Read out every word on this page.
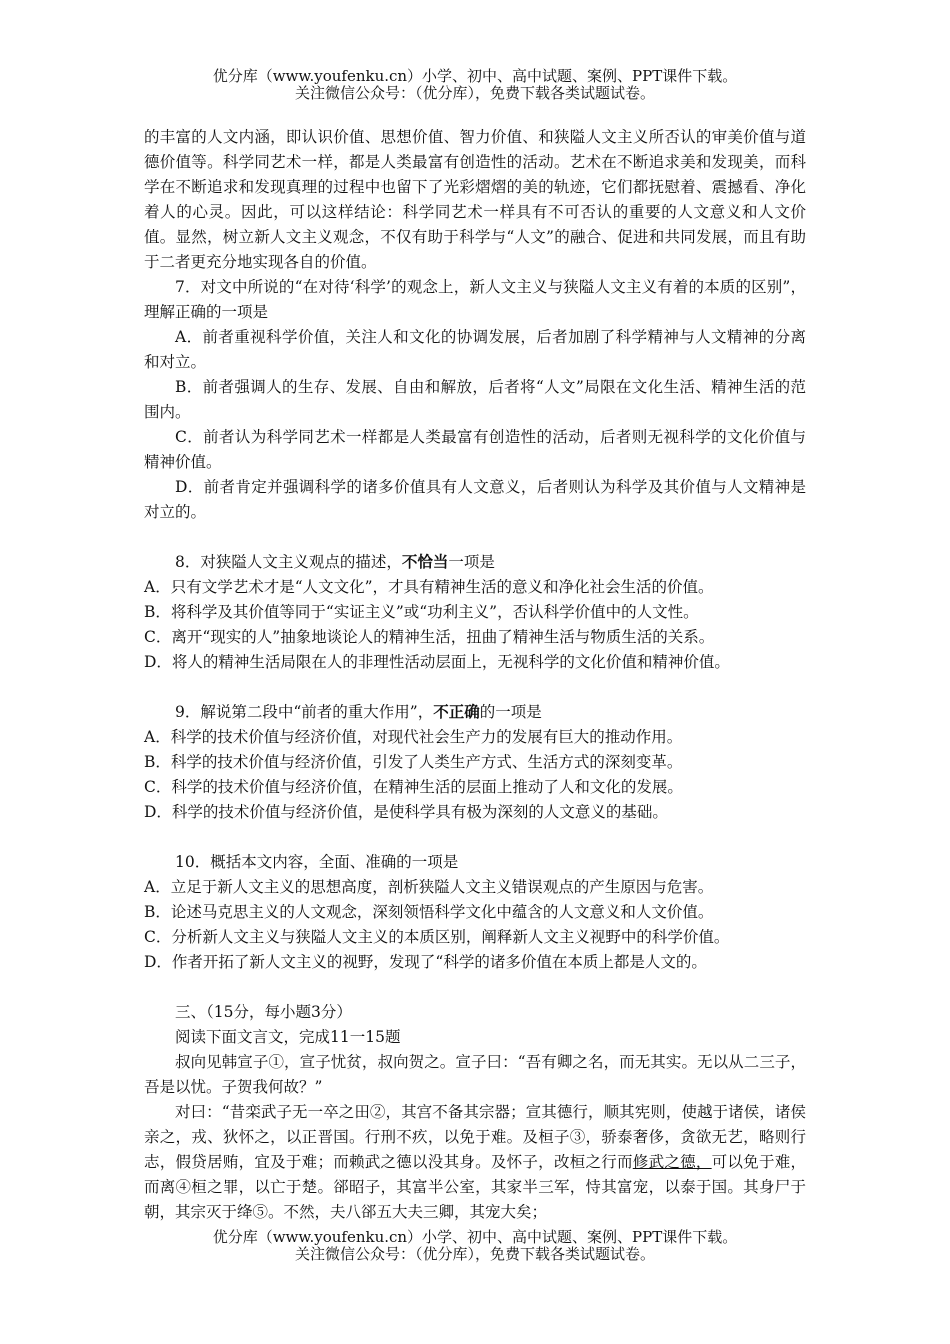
优分库（www.youfenku.cn）小学、初中、高中试题、案例、PPT课件下载。
关注微信公众号：（优分库），免费下载各类试题试卷。

的丰富的人文内涵，即认识价值、思想价值、智力价值、和狭隘人文主义所否认的审美价值与道德价值等。科学同艺术一样，都是人类最富有创造性的活动。艺术在不断追求美和发现美，而科学在不断追求和发现真理的过程中也留下了光彩熠熠的美的轨迹，它们都抚慰着、震撼看、净化着人的心灵。因此，可以这样结论：科学同艺术一样具有不可否认的重要的人文意义和人文价值。显然，树立新人文主义观念，不仅有助于科学与“人文”的融合、促进和共同发展，而且有助于二者更充分地实现各自的价值。

7．对文中所说的“在对待‘科学’的观念上，新人文主义与狭隘人文主义有着的本质的区别”，理解正确的一项是

A．前者重视科学价值，关注人和文化的协调发展，后者加剧了科学精神与人文精神的分离和对立。

B．前者强调人的生存、发展、自由和解放，后者将“人文”局限在文化生活、精神生活的范围内。

C．前者认为科学同艺术一样都是人类最富有创造性的活动，后者则无视科学的文化价值与精神价值。

D．前者肯定并强调科学的诸多价值具有人文意义，后者则认为科学及其价值与人文精神是对立的。

8．对狭隘人文主义观点的描述，不恰当一项是

A．只有文学艺术才是“人文文化”，才具有精神生活的意义和净化社会生活的价值。

B．将科学及其价值等同于“实证主义”或“功利主义”，否认科学价值中的人文性。

C．离开“现实的人”抽象地谈论人的精神生活，扭曲了精神生活与物质生活的关系。

D．将人的精神生活局限在人的非理性活动层面上，无视科学的文化价值和精神价值。

9．解说第二段中“前者的重大作用”，不正确的一项是

A．科学的技术价值与经济价值，对现代社会生产力的发展有巨大的推动作用。

B．科学的技术价值与经济价值，引发了人类生产方式、生活方式的深刻变革。

C．科学的技术价值与经济价值，在精神生活的层面上推动了人和文化的发展。

D．科学的技术价值与经济价值，是使科学具有极为深刻的人文意义的基础。

10．概括本文内容，全面、准确的一项是

A．立足于新人文主义的思想高度，剖析狭隘人文主义错误观点的产生原因与危害。

B．论述马克思主义的人文观念，深刻领悟科学文化中蕴含的人文意义和人文价值。

C．分析新人文主义与狭隘人文主义的本质区别，阐释新人文主义视野中的科学价值。

D．作者开拓了新人文主义的视野，发现了“科学的诸多价值在本质上都是人文的。

三、（15分，每小题3分）

阅读下面文言文，完成11一15题

叔向见韩宣子①，宣子忧贫，叔向贺之。宣子曰：“吾有卿之名，而无其实。无以从二三子，吾是以忧。子贺我何故？”

对曰：“昔栾武子无一卒之田②，其宫不备其宗器；宣其德行，顺其宪则，使越于诸侯，诸侯亲之，戎、狄怀之，以正晋国。行刑不疚，以免于难。及桓子③，骄泰奢侈，贪欲无艺，略则行志，假贷居贿，宜及于难；而赖武之德以没其身。及怀子，改桓之行而修武之德，可以免于难，而离④桓之罪，以亡于楚。郤昭子，其富半公室，其家半三军，恃其富宠，以泰于国。其身尸于朝，其宗灭于绛⑤。不然，夫八郤五大夫三卿，其宠大矣；

优分库（www.youfenku.cn）小学、初中、高中试题、案例、PPT课件下载。
关注微信公众号：（优分库），免费下载各类试题试卷。
